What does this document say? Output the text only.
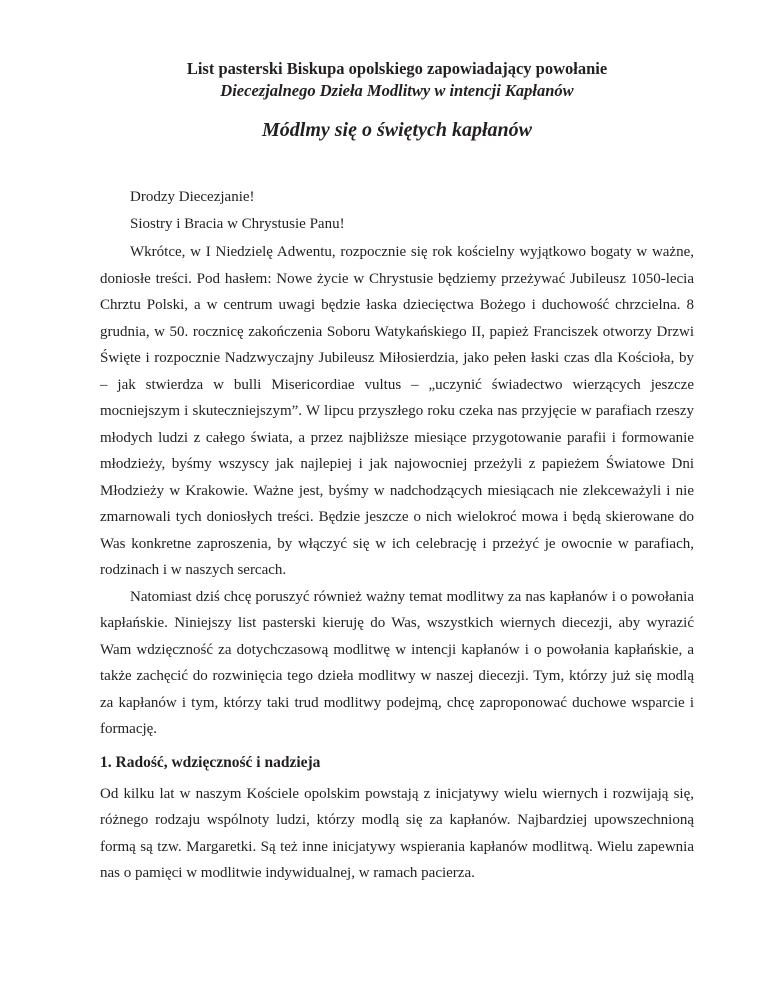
List pasterski Biskupa opolskiego zapowiadający powołanie
Diecezjalnego Dzieła Modlitwy w intencji Kapłanów
Módlmy się o świętych kapłanów
Drodzy Diecezjanie!
Siostry i Bracia w Chrystusie Panu!

Wkrótce, w I Niedzielę Adwentu, rozpocznie się rok kościelny wyjątkowo bogaty w ważne, doniosłe treści. Pod hasłem: Nowe życie w Chrystusie będziemy przeżywać Jubileusz 1050-lecia Chrztu Polski, a w centrum uwagi będzie łaska dziecięctwa Bożego i duchowość chrzcielna. 8 grudnia, w 50. rocznicę zakończenia Soboru Watykańskiego II, papież Franciszek otworzy Drzwi Święte i rozpocznie Nadzwyczajny Jubileusz Miłosierdzia, jako pełen łaski czas dla Kościoła, by – jak stwierdza w bulli Misericordiae vultus – „uczynić świadectwo wierzących jeszcze mocniejszym i skuteczniejszym”. W lipcu przyszłego roku czeka nas przyjęcie w parafiach rzeszy młodych ludzi z całego świata, a przez najbliższe miesiące przygotowanie parafii i formowanie młodzieży, byśmy wszyscy jak najlepiej i jak najowocniej przeżyli z papieżem Światowe Dni Młodzieży w Krakowie. Ważne jest, byśmy w nadchodzących miesiącach nie zlekceważyli i nie zmarnowali tych doniosłych treści. Będzie jeszcze o nich wielokroć mowa i będą skierowane do Was konkretne zaproszenia, by włączyć się w ich celebrację i przeżyć je owocnie w parafiach, rodzinach i w naszych sercach.

Natomiast dziś chcę poruszyć również ważny temat modlitwy za nas kapłanów i o powołania kapłańskie. Niniejszy list pasterski kieruję do Was, wszystkich wiernych diecezji, aby wyrazić Wam wdzięczność za dotychczasową modlitwę w intencji kapłanów i o powołania kapłańskie, a także zachęcić do rozwinięcia tego dzieła modlitwy w naszej diecezji. Tym, którzy już się modlą za kapłanów i tym, którzy taki trud modlitwy podejmą, chcę zaproponować duchowe wsparcie i formację.

1. Radość, wdzięczność i nadzieja

Od kilku lat w naszym Kościele opolskim powstają z inicjatywy wielu wiernych i rozwijają się, różnego rodzaju wspólnoty ludzi, którzy modlą się za kapłanów. Najbardziej upowszechnioną formą są tzw. Margaretki. Są też inne inicjatywy wspierania kapłanów modlitwą. Wielu zapewnia nas o pamięci w modlitwie indywidualnej, w ramach pacierza.
